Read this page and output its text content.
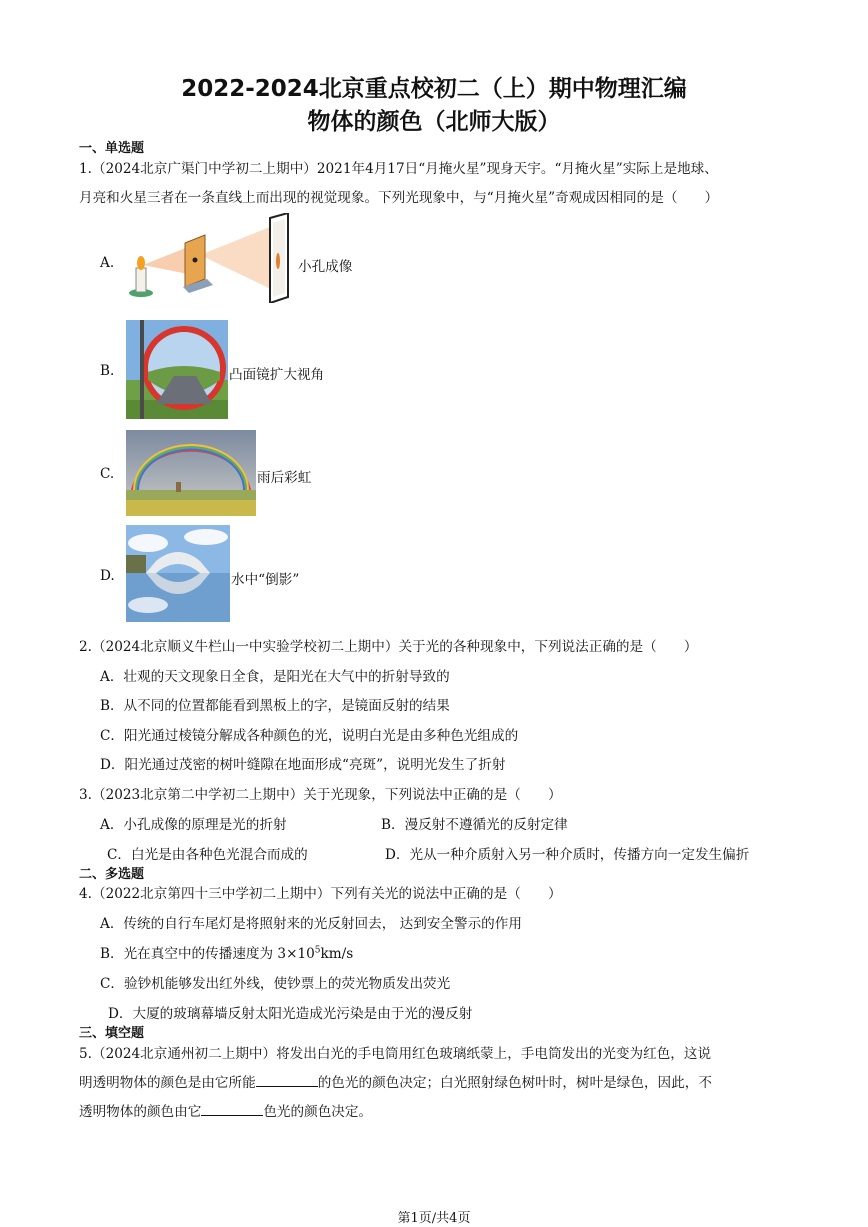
2022-2024北京重点校初二（上）期中物理汇编
物体的颜色（北师大版）
一、单选题
1.（2024北京广渠门中学初二上期中）2021年4月17日“月掩火星”现身天宇。“月掩火星”实际上是地球、
月亮和火星三者在一条直线上而出现的视觉现象。下列光现象中，与“月掩火星”奇观成因相同的是（　　）
A.	小孔成像
B.	凸面镜扩大视角
C.	雨后彩虹
D.	水中“倒影”
2.（2024北京顺义牛栏山一中实验学校初二上期中）关于光的各种现象中，下列说法正确的是（　　）
A．壮观的天文现象日全食，是阳光在大气中的折射导致的
B．从不同的位置都能看到黑板上的字，是镜面反射的结果
C．阳光通过棱镜分解成各种颜色的光，说明白光是由多种色光组成的
D．阳光通过茂密的树叶缝隙在地面形成“亮斑”，说明光发生了折射
3.（2023北京第二中学初二上期中）关于光现象，下列说法中正确的是（　　）
A．小孔成像的原理是光的折射	B．漫反射不遵循光的反射定律
C．白光是由各种色光混合而成的	D．光从一种介质射入另一种介质时，传播方向一定发生偏折
二、多选题
4.（2022北京第四十三中学初二上期中）下列有关光的说法中正确的是（　　）
A．传统的自行车尾灯是将照射来的光反射回去， 达到安全警示的作用
B．光在真空中的传播速度为 $3\times 10^5km/s$
C．验钞机能够发出红外线，使钞票上的荧光物质发出荧光
D．大厦的玻璃幕墙反射太阳光造成光污染是由于光的漫反射
三、填空题
5.（2024北京通州初二上期中）将发出白光的手电筒用红色玻璃纸蒙上，手电筒发出的光变为红色，这说
明透明物体的颜色是由它所能	的色光的颜色决定；白光照射绿色树叶时，树叶是绿色，因此，不
透明物体的颜色由它	色光的颜色决定。
第1页/共4页
